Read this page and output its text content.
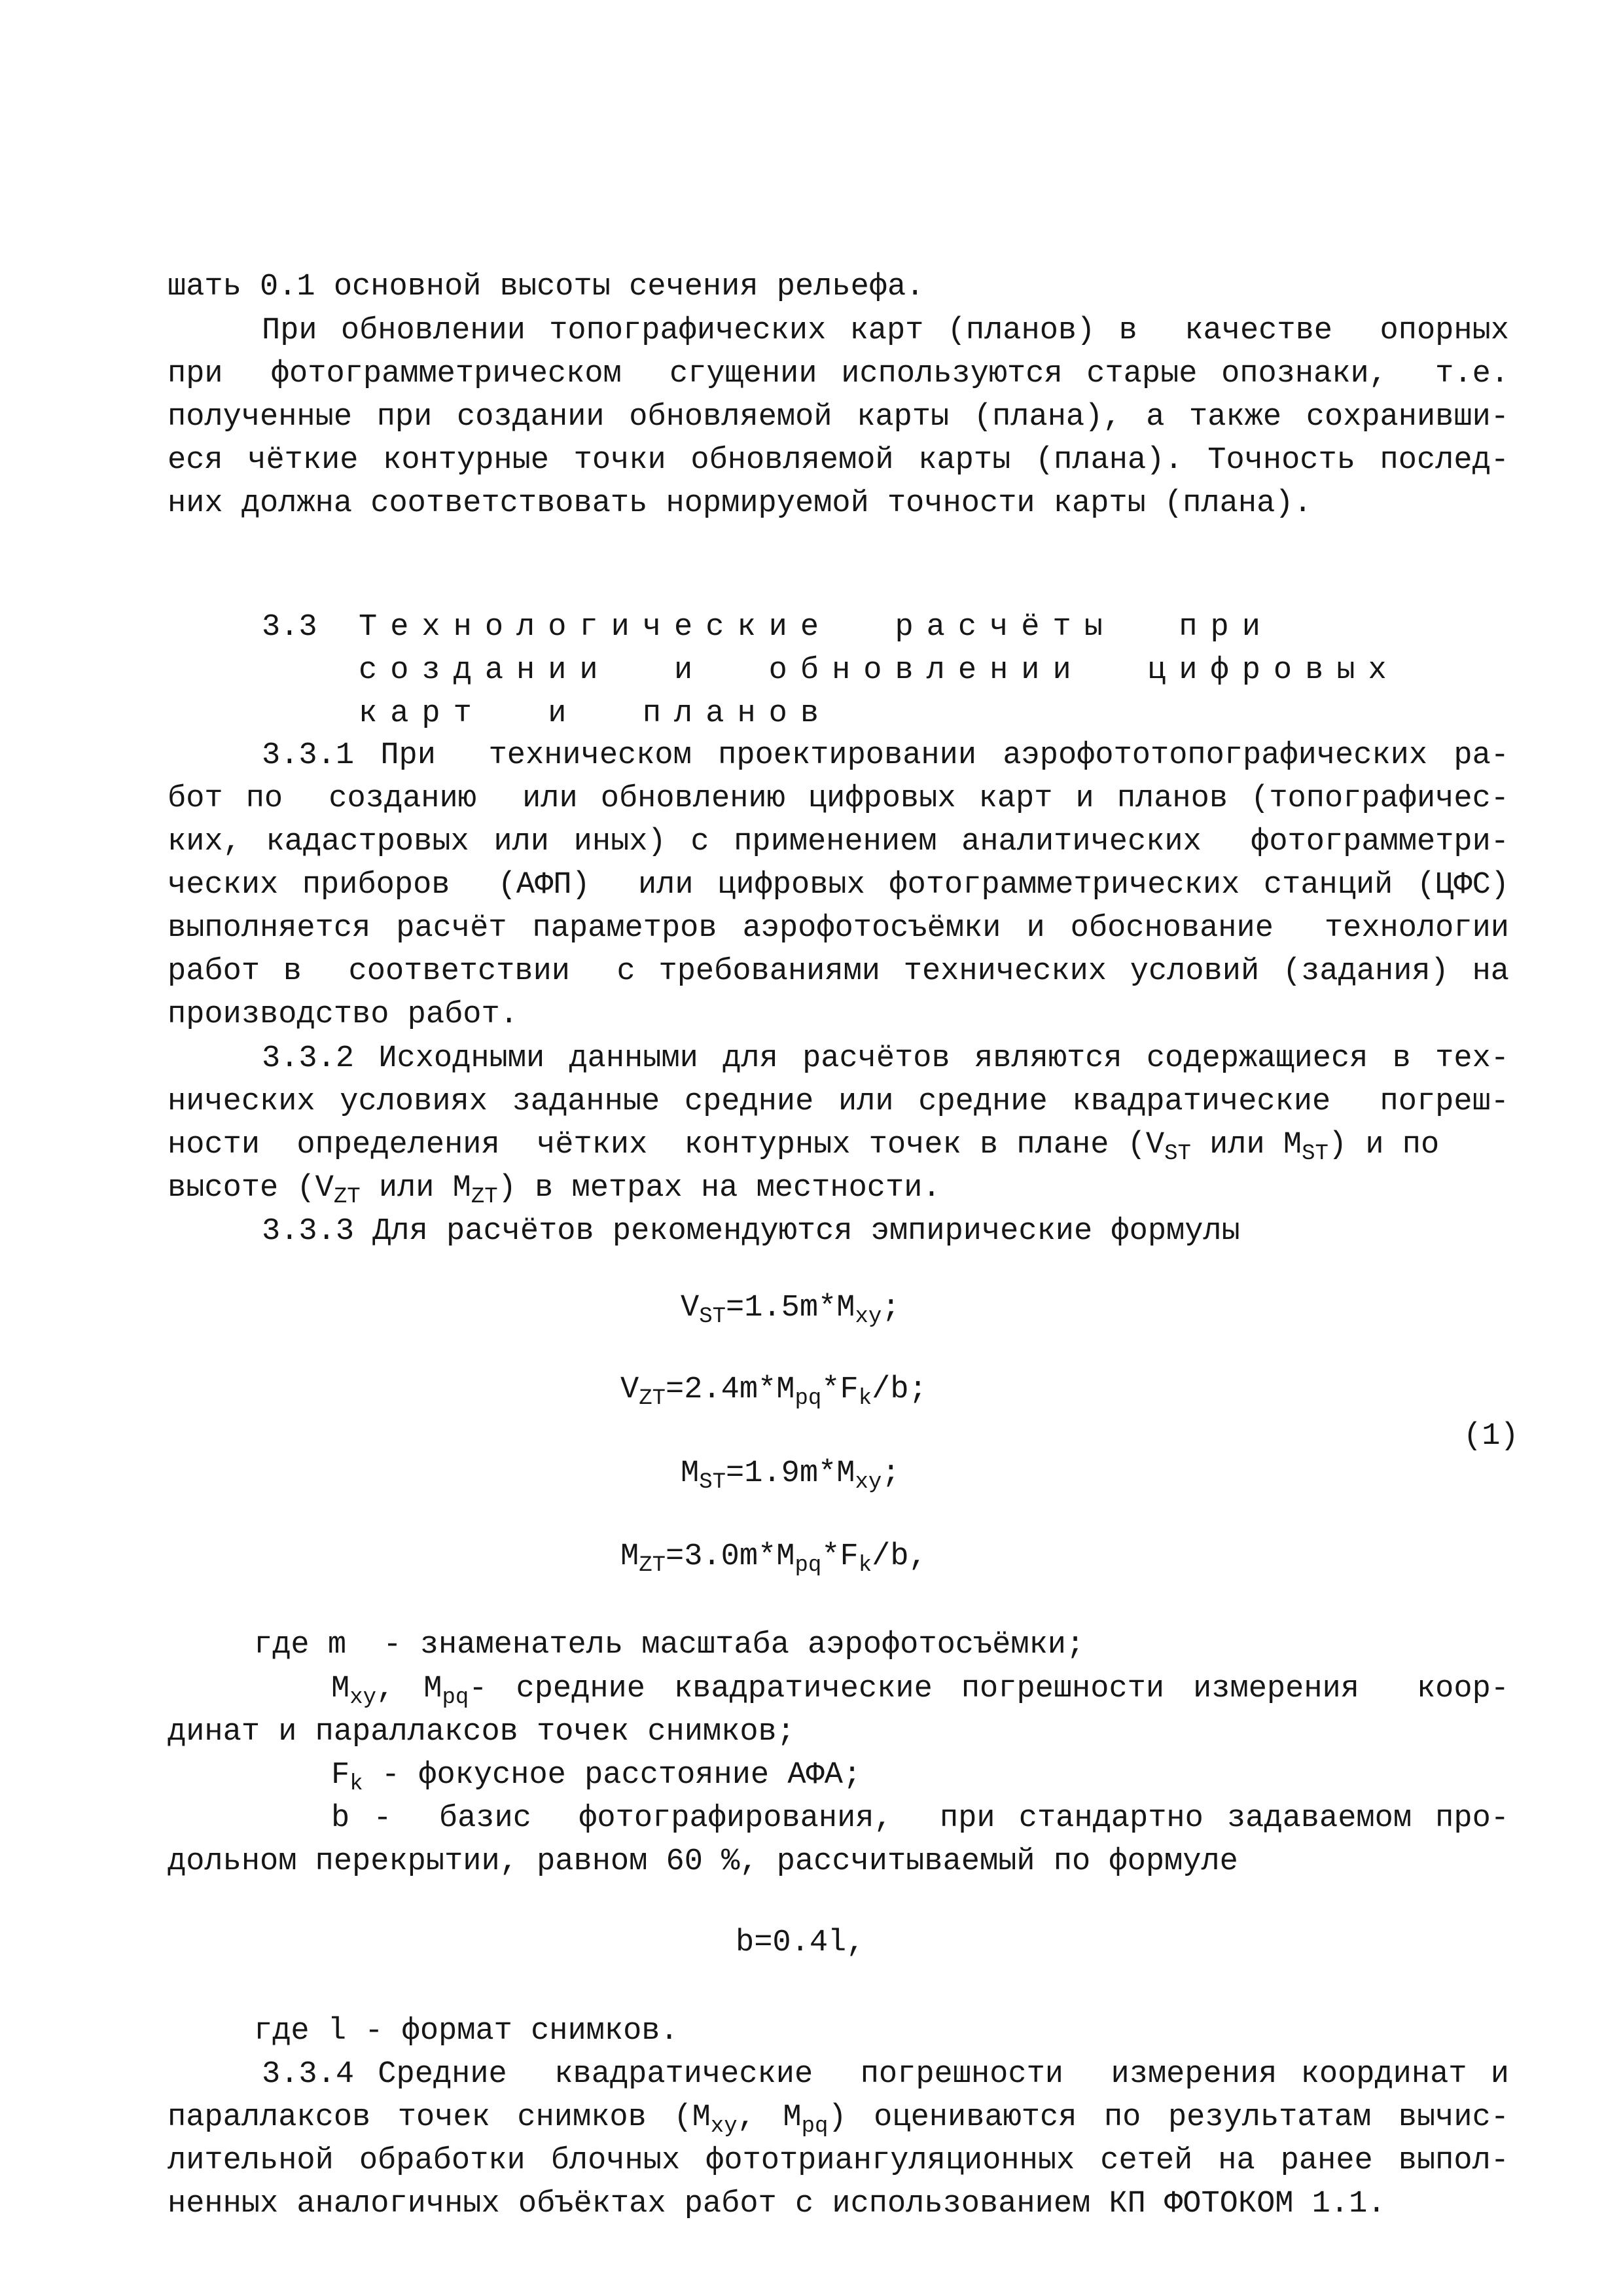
шать 0.1 основной высоты сечения рельефа.
При обновлении топографических карт (планов) в  качестве  опорных
при  фотограмметрическом  сгущении используются старые опознаки,  т.е.
полученные при создании обновляемой карты (плана), а также сохранивши-
еся чёткие контурные точки обновляемой карты (плана). Точность послед-
них должна соответствовать нормируемой точности карты (плана).
3.3 Технологические  расчёты  при
создании  и  обновлении  цифровых
карт  и  планов
3.3.1 При  техническом проектировании аэрофототопографических ра-
бот по  созданию  или обновлению цифровых карт и планов (топографичес-
ких, кадастровых или иных) с применением аналитических  фотограмметри-
ческих приборов  (АФП)  или цифровых фотограмметрических станций (ЦФС)
выполняется расчёт параметров аэрофотосъёмки и обоснование  технологии
работ в  соответствии  с требованиями технических условий (задания) на
производство работ.
3.3.2 Исходными данными для расчётов являются содержащиеся в тех-
нических условиях заданные средние или средние квадратические  погреш-
ности  определения  чётких  контурных точек в плане ($V_{ST}$ или $M_{ST}$) и по
высоте ($V_{ZT}$ или $M_{ZT}$) в метрах на местности.
3.3.3 Для расчётов рекомендуются эмпирические формулы
$V_{ST}=1.5m*M_{xy}$;
$V_{ZT}=2.4m*M_{pq}*F_k/b$;
(1)
$M_{ST}=1.9m*M_{xy}$;
$M_{ZT}=3.0m*M_{pq}*F_k/b$,
где m  - знаменатель масштаба аэрофотосъёмки;
$M_{xy}$, $M_{pq}-$ средние квадратические погрешности измерения  коор-
динат и параллаксов точек снимков;
$F_k$ - фокусное расстояние АФА;
b -  базис  фотографирования,  при стандартно задаваемом про-
дольном перекрытии, равном 60 %, рассчитываемый по формуле
b=0.4l,
где l - формат снимков.
3.3.4 Средние  квадратические  погрешности  измерения координат и
параллаксов точек снимков ($M_{xy}$, $M_{pq}$) оцениваются по результатам вычис-
лительной обработки блочных фототриангуляционных сетей на ранее выпол-
ненных аналогичных объёктах работ с использованием КП ФОТОКОМ 1.1.
